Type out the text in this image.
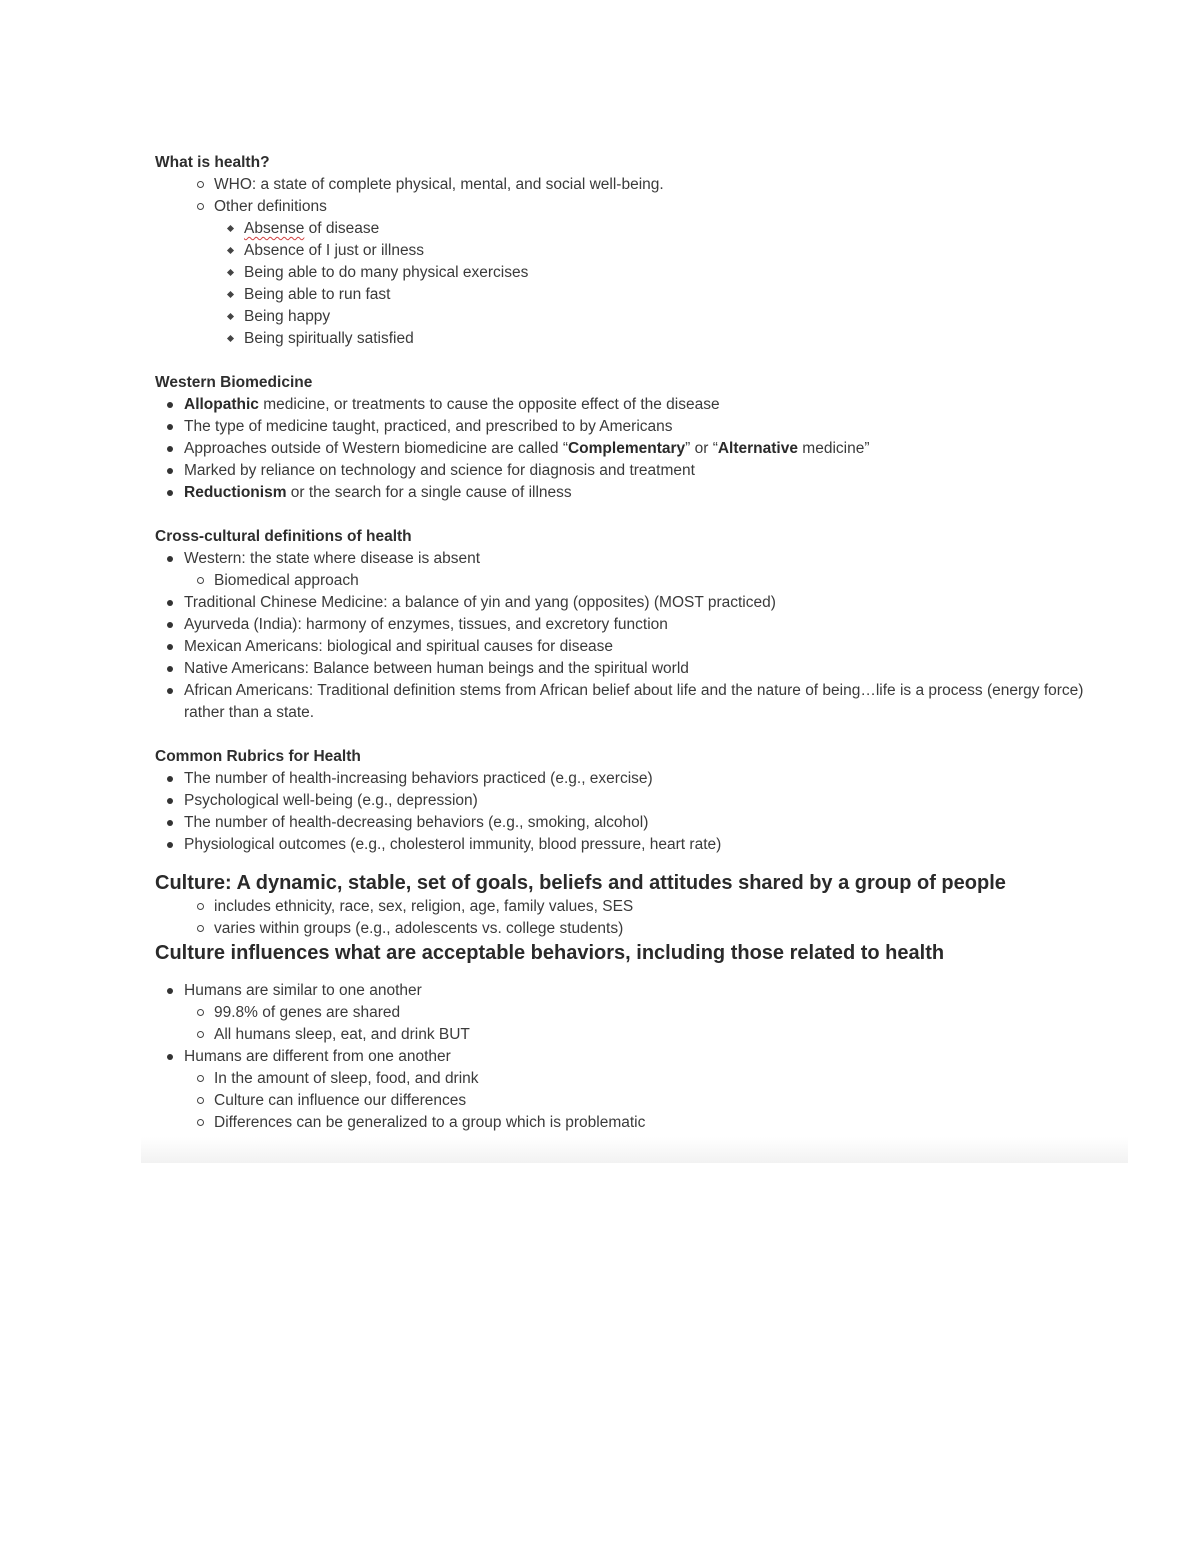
What is health?

WHO: a state of complete physical, mental, and social well-being.
Other definitions
Absense of disease
Absence of I just or illness
Being able to do many physical exercises
Being able to run fast
Being happy
Being spiritually satisfied

Western Biomedicine

Allopathic medicine, or treatments to cause the opposite effect of the disease
The type of medicine taught, practiced, and prescribed to by Americans
Approaches outside of Western biomedicine are called “Complementary” or “Alternative medicine”
Marked by reliance on technology and science for diagnosis and treatment
Reductionism or the search for a single cause of illness

Cross-cultural definitions of health

Western: the state where disease is absent
Biomedical approach
Traditional Chinese Medicine: a balance of yin and yang (opposites) (MOST practiced)
Ayurveda (India): harmony of enzymes, tissues, and excretory function
Mexican Americans: biological and spiritual causes for disease
Native Americans: Balance between human beings and the spiritual world
African Americans: Traditional definition stems from African belief about life and the nature of being…life is a process (energy force) rather than a state.

Common Rubrics for Health

The number of health-increasing behaviors practiced (e.g., exercise)
Psychological well-being (e.g., depression)
The number of health-decreasing behaviors (e.g., smoking, alcohol)
Physiological outcomes (e.g., cholesterol immunity, blood pressure, heart rate)

Culture: A dynamic, stable, set of goals, beliefs and attitudes shared by a group of people

includes ethnicity, race, sex, religion, age, family values, SES
varies within groups (e.g., adolescents vs. college students)

Culture influences what are acceptable behaviors, including those related to health

Humans are similar to one another
99.8% of genes are shared
All humans sleep, eat, and drink BUT
Humans are different from one another
In the amount of sleep, food, and drink
Culture can influence our differences
Differences can be generalized to a group which is problematic
